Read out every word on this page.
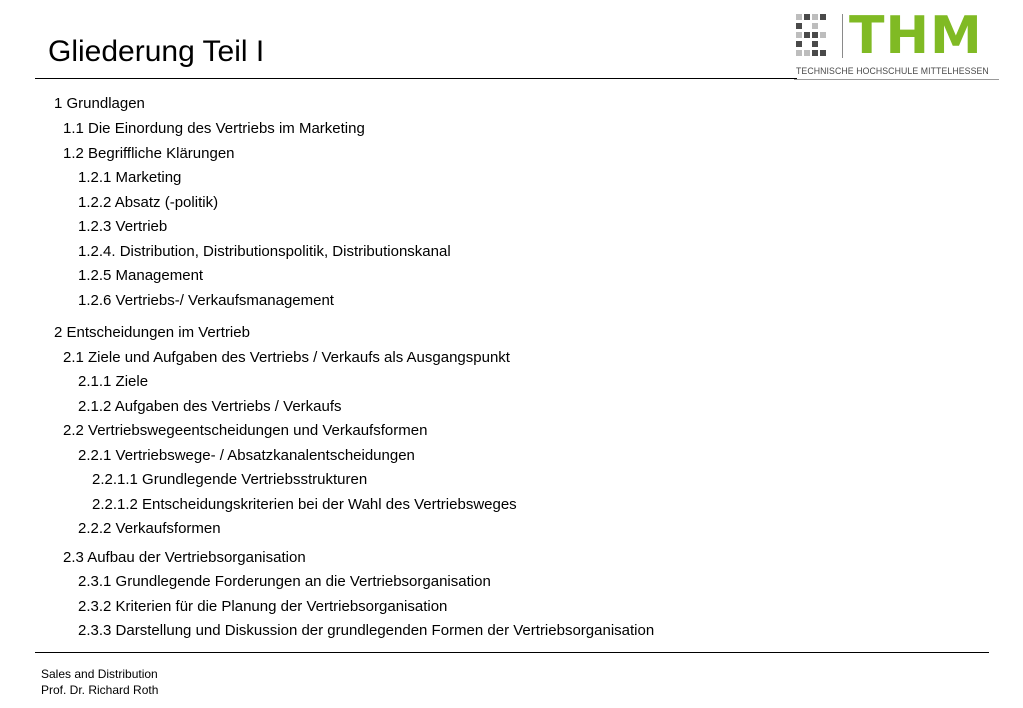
Gliederung Teil I	THM
TECHNISCHE HOCHSCHULE MITTELHESSEN
1 Grundlagen
1.1 Die Einordung des Vertriebs im Marketing
1.2 Begriffliche Klärungen
1.2.1 Marketing
1.2.2 Absatz (-politik)
1.2.3 Vertrieb
1.2.4. Distribution, Distributionspolitik, Distributionskanal
1.2.5 Management
1.2.6 Vertriebs-/ Verkaufsmanagement
2 Entscheidungen im Vertrieb
2.1 Ziele und Aufgaben des Vertriebs / Verkaufs als Ausgangspunkt
2.1.1 Ziele
2.1.2 Aufgaben des Vertriebs / Verkaufs
2.2 Vertriebswegeentscheidungen und Verkaufsformen
2.2.1 Vertriebswege- / Absatzkanalentscheidungen
2.2.1.1 Grundlegende Vertriebsstrukturen
2.2.1.2 Entscheidungskriterien bei der Wahl des Vertriebsweges
2.2.2 Verkaufsformen
2.3 Aufbau der Vertriebsorganisation
2.3.1 Grundlegende Forderungen an die Vertriebsorganisation
2.3.2 Kriterien für die Planung der Vertriebsorganisation
2.3.3 Darstellung und Diskussion der grundlegenden Formen der Vertriebsorganisation
Sales and Distribution
Prof. Dr. Richard Roth
